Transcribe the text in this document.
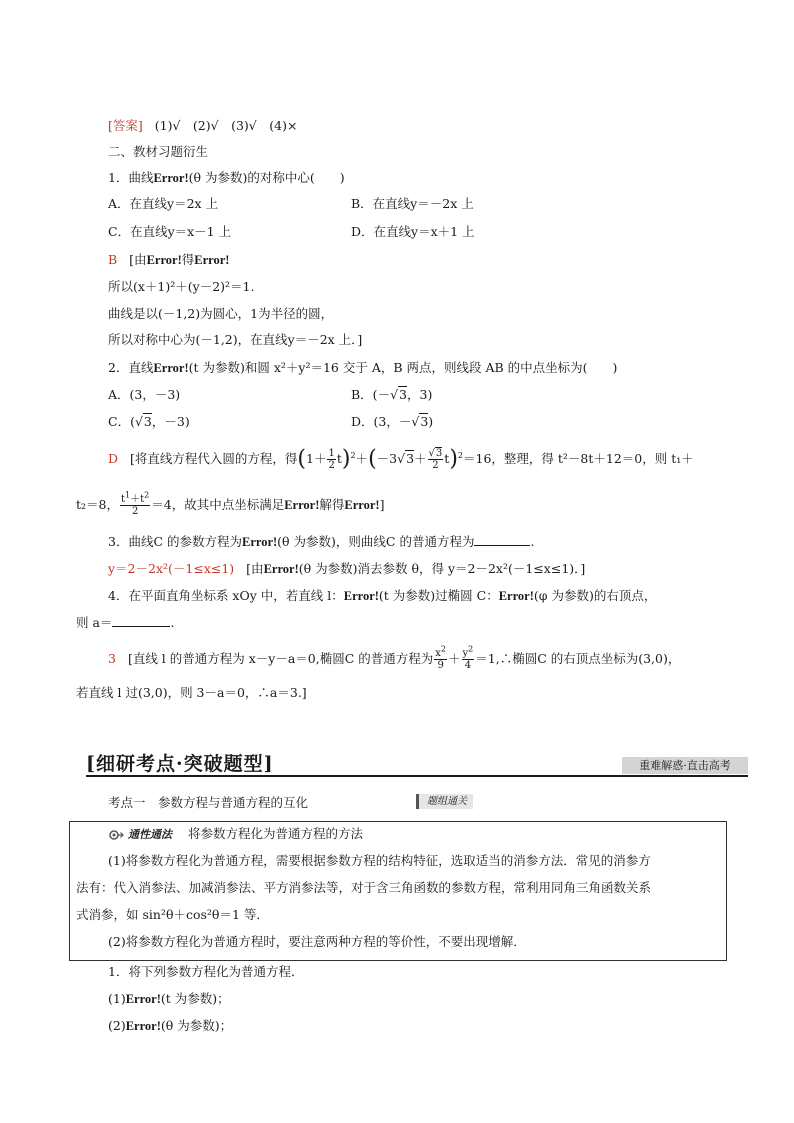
[答案] (1)√　(2)√　(3)√　(4)×
二、教材习题衍生
1．曲线Error!(θ 为参数)的对称中心(　　)
A．在直线y＝2x 上	B．在直线y＝－2x 上
C．在直线y＝x－1 上	D．在直线y＝x＋1 上
B [由Error!得Error!
所以(x＋1)²＋(y－2)²＝1.
曲线是以(－1,2)为圆心，1为半径的圆，
所以对称中心为(－1,2)，在直线y＝－2x 上．]
2．直线Error!(t 为参数)和圆 x²＋y²＝16 交于 A，B 两点，则线段 AB 的中点坐标为(　　)
A．(3，－3)	B．(－√3，3)
C．(√3，－3)	D．(3，－√3)
D [将直线方程代入圆的方程，得$(1+ \frac{1}{2} t)^2+(-3√3+ \frac{√3}{2} t)^2=16$，整理，得 t²－8t＋12＝0，则 t₁＋
t₂＝8， $\frac{t^1+t^2}{2} =4$，故其中点坐标满足Error!解得Error!]
3．曲线C 的参数方程为Error!(θ 为参数)，则曲线C 的普通方程为	.
y＝2－2x²(－1≤x≤1) [由Error!(θ 为参数)消去参数 θ，得 y＝2－2x²(－1≤x≤1)．]
4．在平面直角坐标系 xOy 中，若直线 l：Error!(t 为参数)过椭圆 C：Error!(φ 为参数)的右顶点，
则 a＝	.
3 [直线 l 的普通方程为 x－y－a＝0,椭圆C 的普通方程为 $\frac{x^2}{9} + \frac{y^2}{4}$ ＝1,∴椭圆C 的右顶点坐标为(3,0)，
若直线 l 过(3,0)，则 3－a＝0，∴a＝3.]
[细研考点·突破题型]	重难解惑·直击高考
考点一　参数方程与普通方程的互化	题组通关
通性通法 将参数方程化为普通方程的方法
(1)将参数方程化为普通方程，需要根据参数方程的结构特征，选取适当的消参方法．常见的消参方
法有：代入消参法、加减消参法、平方消参法等，对于含三角函数的参数方程，常利用同角三角函数关系
式消参，如 sin²θ＋cos²θ＝1 等．
(2)将参数方程化为普通方程时，要注意两种方程的等价性，不要出现增解．
1．将下列参数方程化为普通方程．
(1)Error!(t 为参数)；
(2)Error!(θ 为参数)；
